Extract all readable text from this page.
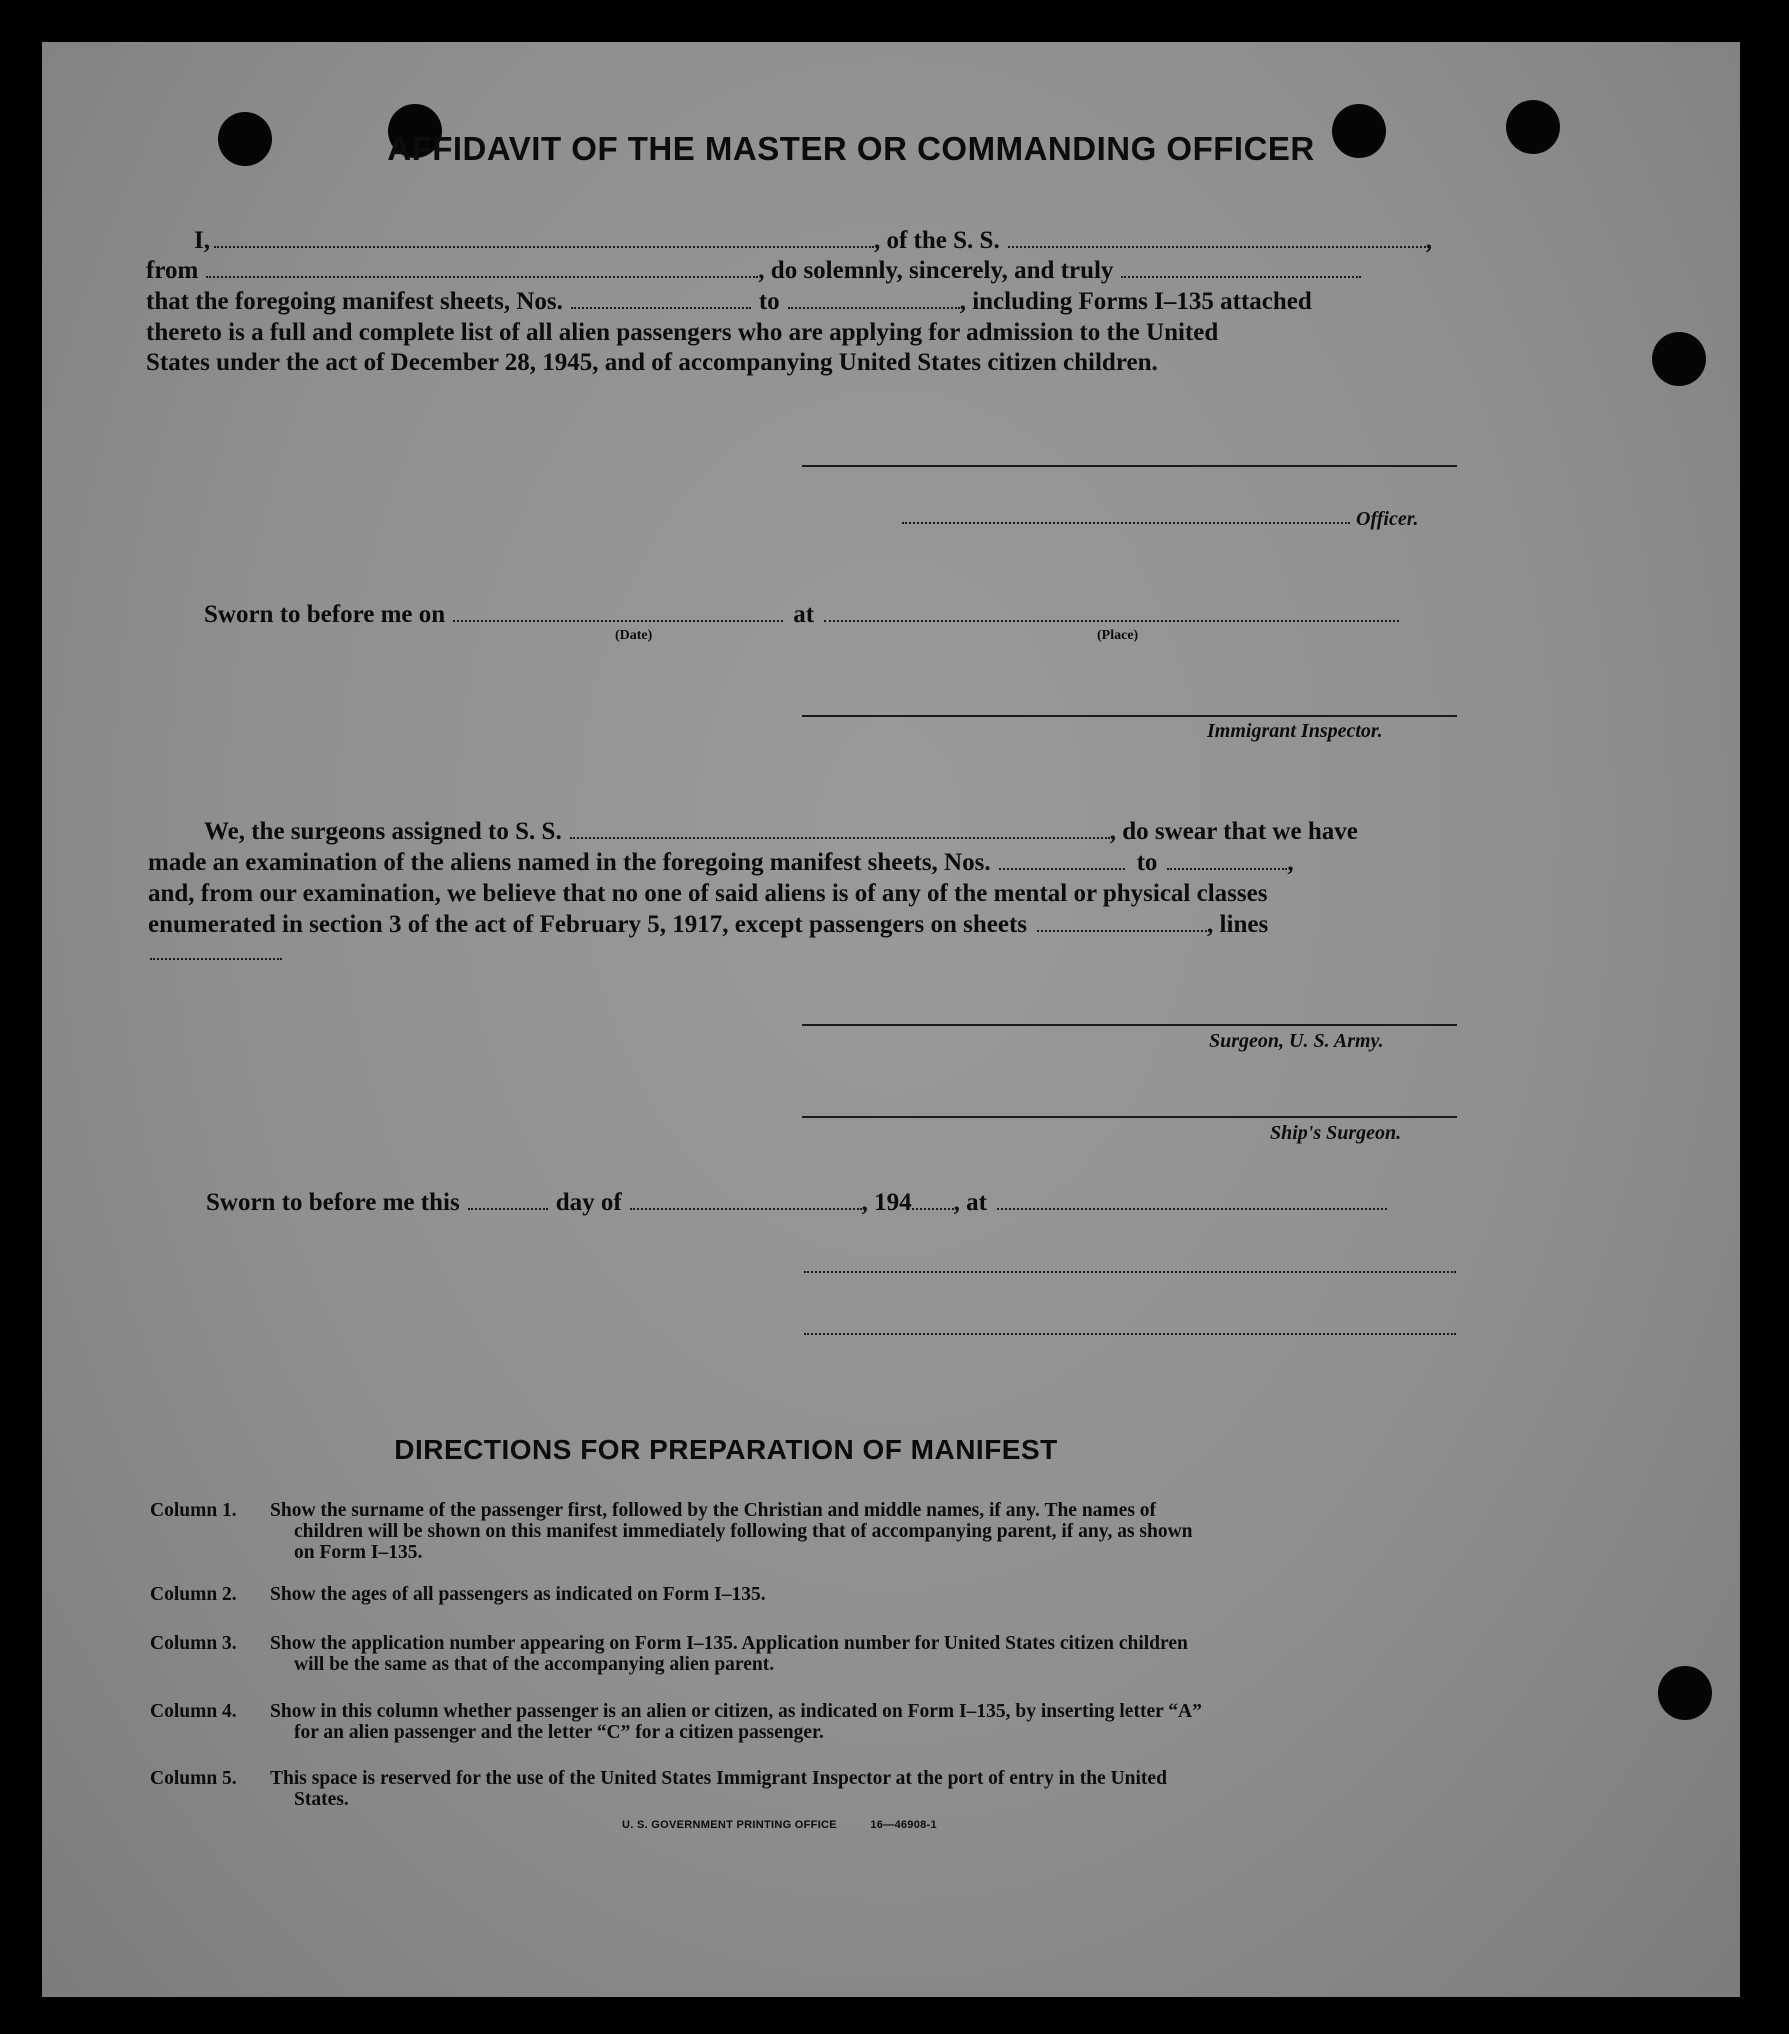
AFFIDAVIT OF THE MASTER OR COMMANDING OFFICER
I,	, of the S. S.	,
from	, do solemnly, sincerely, and truly
that the foregoing manifest sheets, Nos.	to	, including Forms I–135 attached
thereto is a full and complete list of all alien passengers who are applying for admission to the United
States under the act of December 28, 1945, and of accompanying United States citizen children.
Officer.
Sworn to before me on	at
(Date)	(Place)
Immigrant Inspector.
We, the surgeons assigned to S. S.	, do swear that we have
made an examination of the aliens named in the foregoing manifest sheets, Nos.	to	,
and, from our examination, we believe that no one of said aliens is of any of the mental or physical classes
enumerated in section 3 of the act of February 5, 1917, except passengers on sheets	, lines
Surgeon, U. S. Army.
Ship's Surgeon.
Sworn to before me this	day of	, 194 , at
DIRECTIONS FOR PREPARATION OF MANIFEST
Column 1.	Show the surname of the passenger first, followed by the Christian and middle names, if any. The names of
children will be shown on this manifest immediately following that of accompanying parent, if any, as shown
on Form I–135.
Column 2.	Show the ages of all passengers as indicated on Form I–135.
Column 3.	Show the application number appearing on Form I–135. Application number for United States citizen children
will be the same as that of the accompanying alien parent.
Column 4.	Show in this column whether passenger is an alien or citizen, as indicated on Form I–135, by inserting letter “A”
for an alien passenger and the letter “C” for a citizen passenger.
Column 5.	This space is reserved for the use of the United States Immigrant Inspector at the port of entry in the United
States.
U. S. GOVERNMENT PRINTING OFFICE	16—46908-1
